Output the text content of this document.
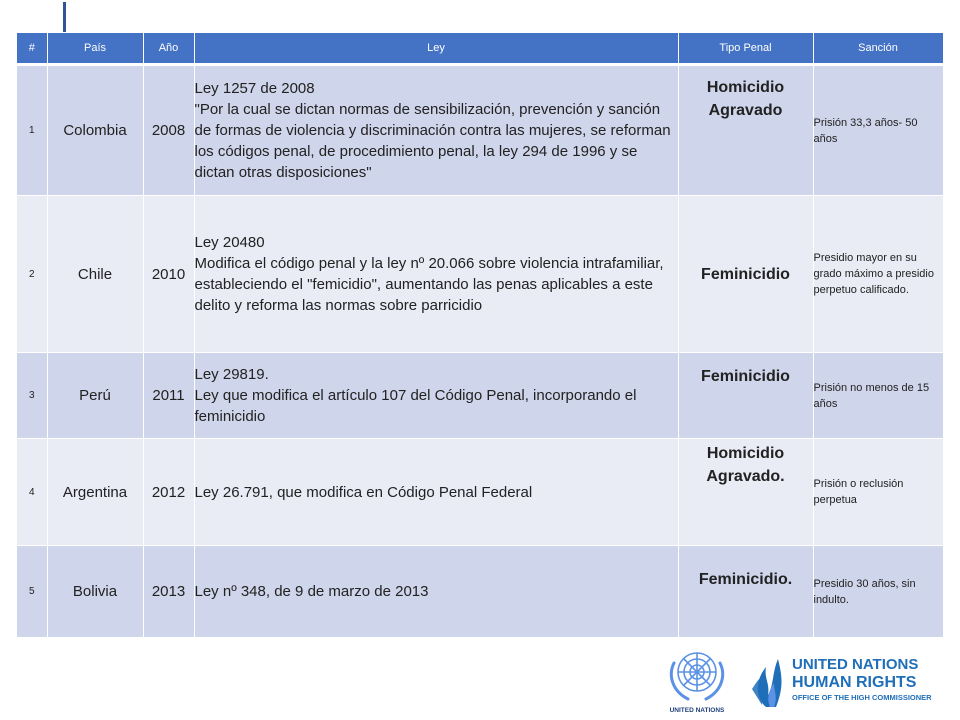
#	País	Año	Ley	Tipo Penal	Sanción
1	Colombia	2008	Ley 1257 de 2008
"Por la cual se dictan normas de sensibilización, prevención y sanción de formas de violencia y discriminación contra las mujeres, se reforman los códigos penal, de procedimiento penal, la ley 294 de 1996 y se dictan otras disposiciones"	Homicidio Agravado	Prisión 33,3 años- 50 años
2	Chile	2010	Ley 20480
Modifica el código penal y la ley nº 20.066 sobre violencia intrafamiliar, estableciendo el "femicidio", aumentando las penas aplicables a este delito y reforma las normas sobre parricidio	Feminicidio	Presidio mayor en su grado máximo a presidio perpetuo calificado.
3	Perú	2011	Ley 29819.
Ley que modifica el artículo 107 del Código Penal, incorporando el feminicidio	Feminicidio	Prisión no menos de 15 años
4	Argentina	2012	Ley 26.791, que modifica en Código Penal Federal	Homicidio Agravado.	Prisión o reclusión perpetua
5	Bolivia	2013	Ley nº 348, de 9 de marzo de 2013	Feminicidio.	Presidio 30 años, sin indulto.
UNITED NATIONS
UNITED NATIONS
HUMAN RIGHTS
OFFICE OF THE HIGH COMMISSIONER
